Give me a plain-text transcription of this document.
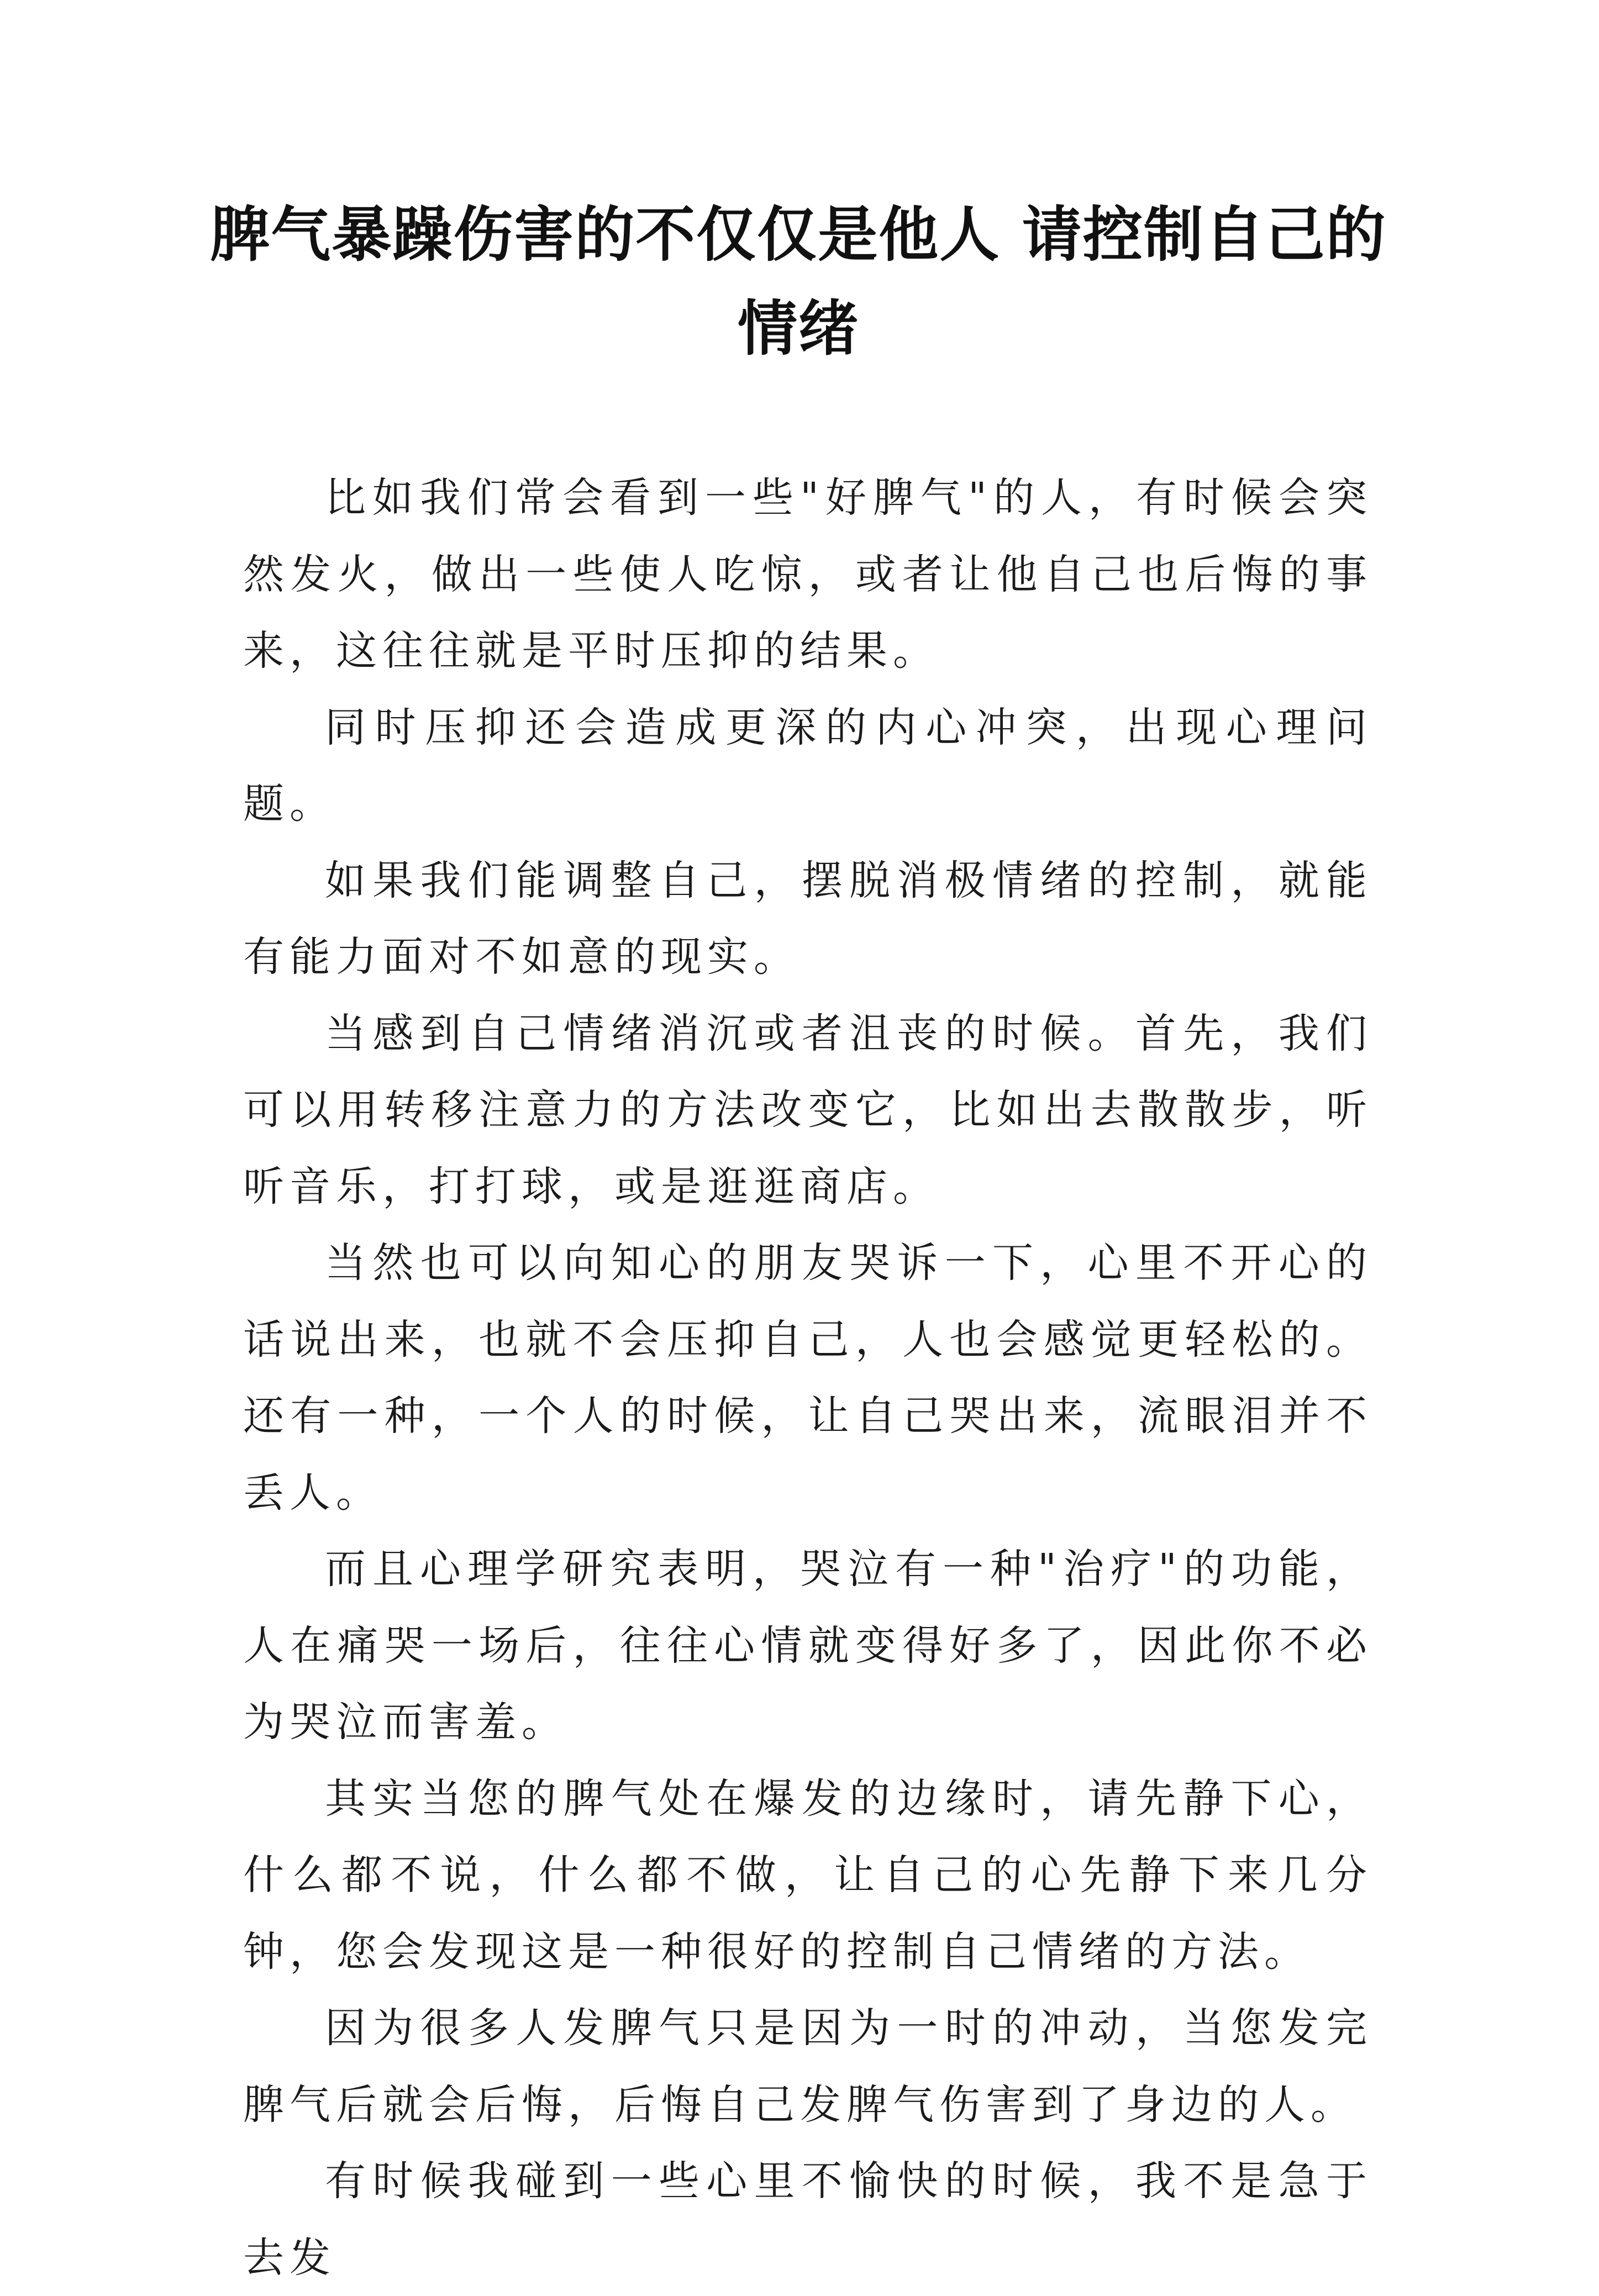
脾气暴躁伤害的不仅仅是他人 请控制自己的情绪

比如我们常会看到一些"好脾气"的人，有时候会突然发火，做出一些使人吃惊，或者让他自己也后悔的事来，这往往就是平时压抑的结果。

同时压抑还会造成更深的内心冲突，出现心理问题。

如果我们能调整自己，摆脱消极情绪的控制，就能有能力面对不如意的现实。

当感到自己情绪消沉或者沮丧的时候。首先，我们可以用转移注意力的方法改变它，比如出去散散步，听听音乐，打打球，或是逛逛商店。

当然也可以向知心的朋友哭诉一下，心里不开心的话说出来，也就不会压抑自己，人也会感觉更轻松的。还有一种，一个人的时候，让自己哭出来，流眼泪并不丢人。

而且心理学研究表明，哭泣有一种"治疗"的功能，人在痛哭一场后，往往心情就变得好多了，因此你不必为哭泣而害羞。

其实当您的脾气处在爆发的边缘时，请先静下心，什么都不说，什么都不做，让自己的心先静下来几分钟，您会发现这是一种很好的控制自己情绪的方法。

因为很多人发脾气只是因为一时的冲动，当您发完脾气后就会后悔，后悔自己发脾气伤害到了身边的人。

有时候我碰到一些心里不愉快的时候，我不是急于去发
